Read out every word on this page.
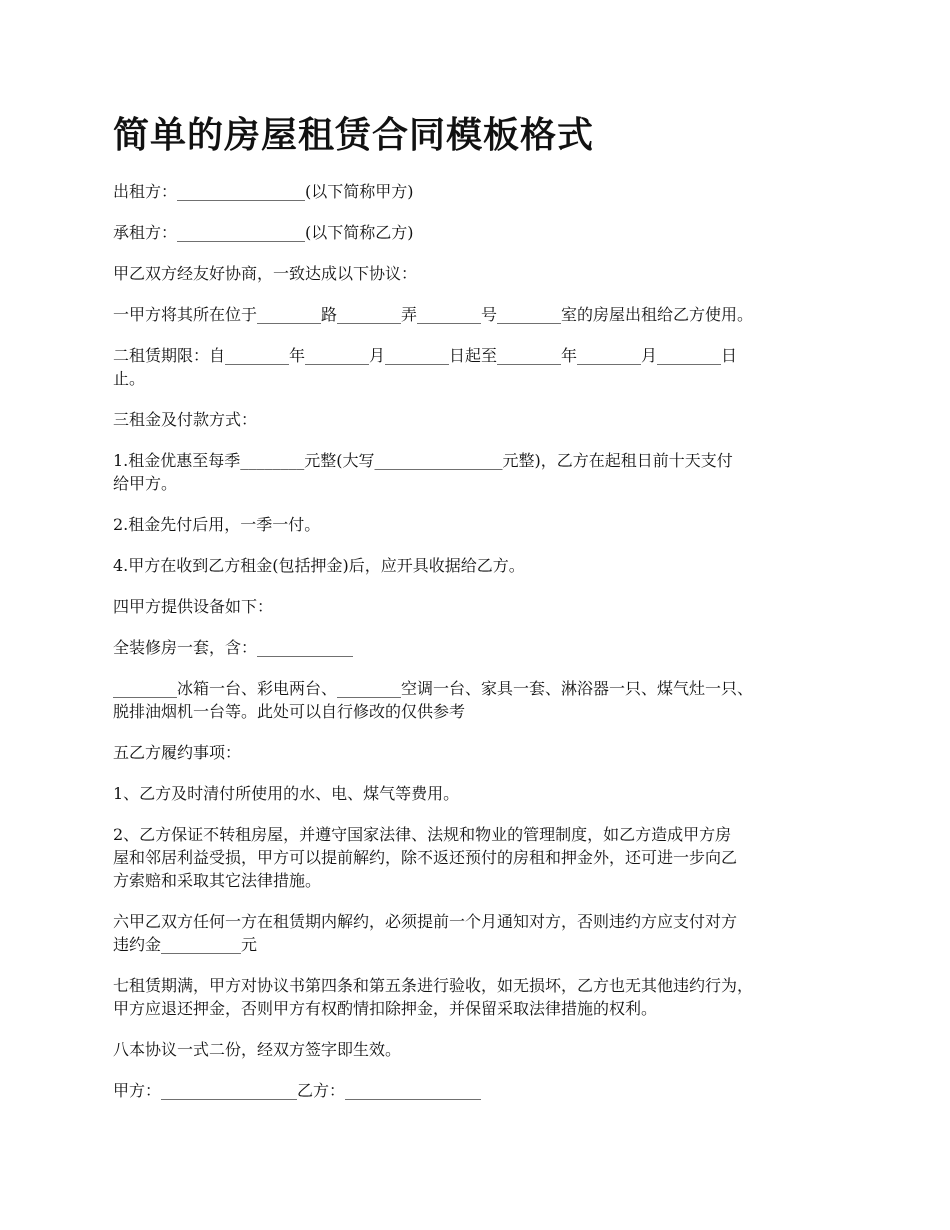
简单的房屋租赁合同模板格式

出租方：________________(以下简称甲方)

承租方：________________(以下简称乙方)

甲乙双方经友好协商，一致达成以下协议：

一甲方将其所在位于________路________弄________号________室的房屋出租给乙方使用。

二租赁期限：自________年________月________日起至________年________月________日
止。

三租金及付款方式：

1.租金优惠至每季________元整(大写________________元整)，乙方在起租日前十天支付
给甲方。

2.租金先付后用，一季一付。

4.甲方在收到乙方租金(包括押金)后，应开具收据给乙方。

四甲方提供设备如下：

全装修房一套，含：____________

________冰箱一台、彩电两台、________空调一台、家具一套、淋浴器一只、煤气灶一只、
脱排油烟机一台等。此处可以自行修改的仅供参考

五乙方履约事项：

1、乙方及时清付所使用的水、电、煤气等费用。

2、乙方保证不转租房屋，并遵守国家法律、法规和物业的管理制度，如乙方造成甲方房
屋和邻居利益受损，甲方可以提前解约，除不返还预付的房租和押金外，还可进一步向乙
方索赔和采取其它法律措施。

六甲乙双方任何一方在租赁期内解约，必须提前一个月通知对方，否则违约方应支付对方
违约金__________元

七租赁期满，甲方对协议书第四条和第五条进行验收，如无损坏，乙方也无其他违约行为，
甲方应退还押金，否则甲方有权酌情扣除押金，并保留采取法律措施的权利。

八本协议一式二份，经双方签字即生效。

甲方：_________________乙方：_________________
